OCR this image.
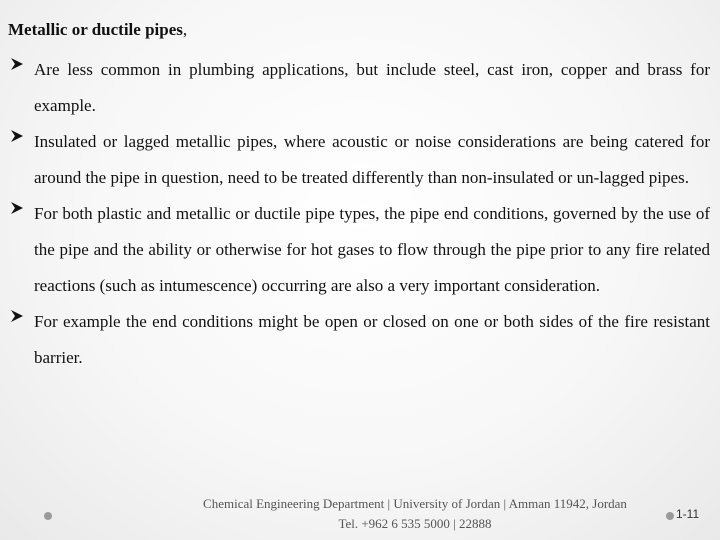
Metallic or ductile pipes,
Are less common in plumbing applications, but include steel, cast iron, copper and brass for example.
Insulated or lagged metallic pipes, where acoustic or noise considerations are being catered for around the pipe in question, need to be treated differently than non-insulated or un-lagged pipes.
For both plastic and metallic or ductile pipe types, the pipe end conditions, governed by the use of the pipe and the ability or otherwise for hot gases to flow through the pipe prior to any fire related reactions (such as intumescence) occurring are also a very important consideration.
For example the end conditions might be open or closed on one or both sides of the fire resistant barrier.
Chemical Engineering Department | University of Jordan | Amman 11942, Jordan
Tel. +962 6 535 5000 | 22888
1-11
